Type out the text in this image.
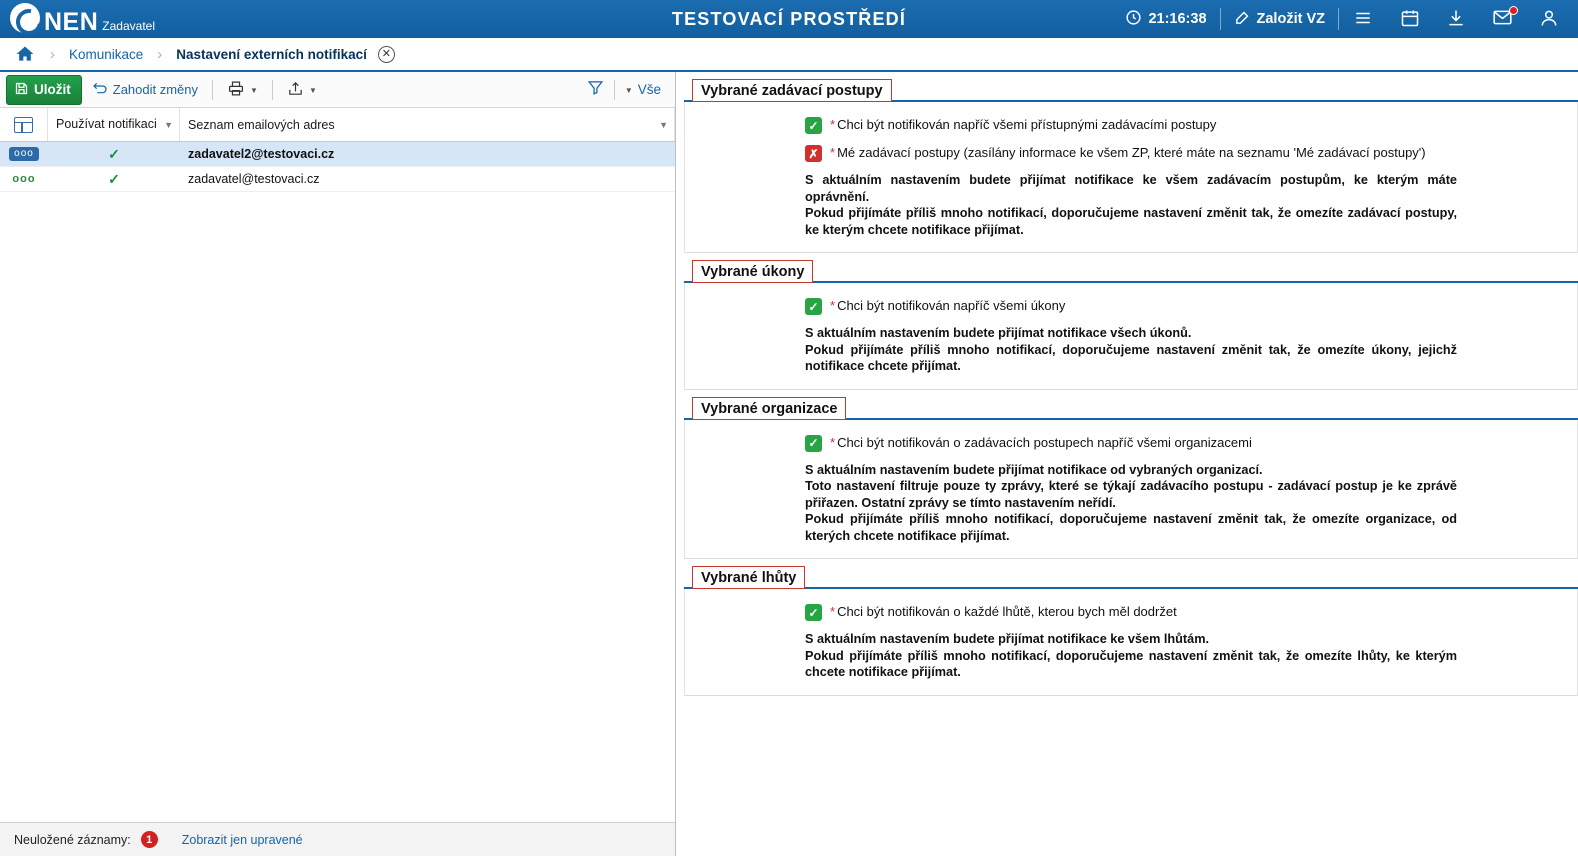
NEN Zadavatel	TESTOVACÍ PROSTŘEDÍ	21:16:38	Založit VZ
›	Komunikace ›	Nastavení externích notifikací	✕
Uložit	Zahodit změny	▼	▼	▼ Vše
Používat notifikaci ▼ Seznam emailových adres	▼
ooo	✓	zadavatel2@testovaci.cz
ooo	✓	zadavatel@testovaci.cz
Neuložené záznamy:	1	Zobrazit jen upravené
Vybrané zadávací postupy
✓ * Chci být notifikován napříč všemi přístupnými zadávacími postupy
✗ * Mé zadávací postupy (zasílány informace ke všem ZP, které máte na seznamu 'Mé zadávací postupy')

S aktuálním nastavením budete přijímat notifikace ke všem zadávacím postupům, ke kterým máte oprávnění.

Pokud přijímáte příliš mnoho notifikací, doporučujeme nastavení změnit tak, že omezíte zadávací postupy, ke kterým chcete notifikace přijímat.

Vybrané úkony
✓ * Chci být notifikován napříč všemi úkony

S aktuálním nastavením budete přijímat notifikace všech úkonů.

Pokud přijímáte příliš mnoho notifikací, doporučujeme nastavení změnit tak, že omezíte úkony, jejichž notifikace chcete přijímat.

Vybrané organizace
✓ * Chci být notifikován o zadávacích postupech napříč všemi organizacemi

S aktuálním nastavením budete přijímat notifikace od vybraných organizací.

Toto nastavení filtruje pouze ty zprávy, které se týkají zadávacího postupu - zadávací postup je ke zprávě přiřazen. Ostatní zprávy se tímto nastavením neřídí.

Pokud přijímáte příliš mnoho notifikací, doporučujeme nastavení změnit tak, že omezíte organizace, od kterých chcete notifikace přijímat.

Vybrané lhůty
✓ * Chci být notifikován o každé lhůtě, kterou bych měl dodržet

S aktuálním nastavením budete přijímat notifikace ke všem lhůtám.

Pokud přijímáte příliš mnoho notifikací, doporučujeme nastavení změnit tak, že omezíte lhůty, ke kterým chcete notifikace přijímat.
